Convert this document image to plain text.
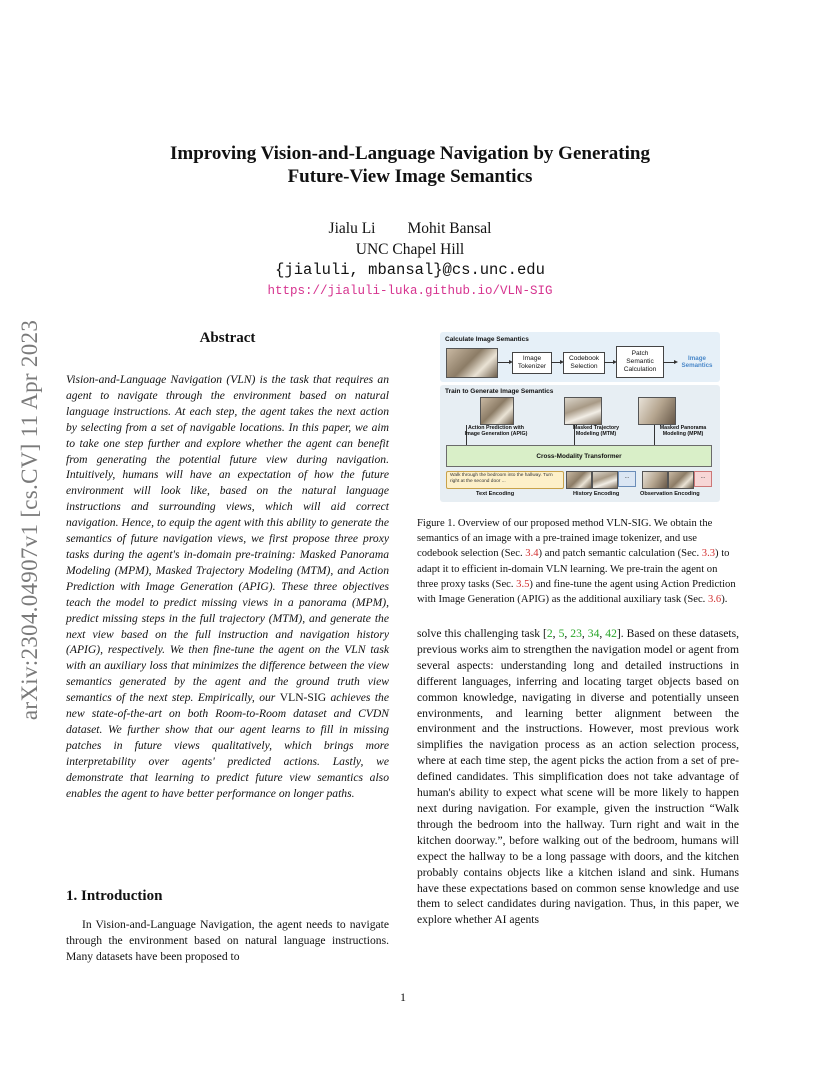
arXiv:2304.04907v1 [cs.CV] 11 Apr 2023
Improving Vision-and-Language Navigation by Generating
Future-View Image Semantics
Jialu Li Mohit Bansal
UNC Chapel Hill
{jialuli, mbansal}@cs.unc.edu
https://jialuli-luka.github.io/VLN-SIG
Abstract
Vision-and-Language Navigation (VLN) is the task that requires an agent to navigate through the environment based on natural language instructions. At each step, the agent takes the next action by selecting from a set of navigable locations. In this paper, we aim to take one step further and explore whether the agent can benefit from generating the potential future view during navigation. Intuitively, humans will have an expectation of how the future environment will look like, based on the natural language instructions and surrounding views, which will aid correct navigation. Hence, to equip the agent with this ability to generate the semantics of future navigation views, we first propose three proxy tasks during the agent's in-domain pre-training: Masked Panorama Modeling (MPM), Masked Trajectory Modeling (MTM), and Action Prediction with Image Generation (APIG). These three objectives teach the model to predict missing views in a panorama (MPM), predict missing steps in the full trajectory (MTM), and generate the next view based on the full instruction and navigation history (APIG), respectively. We then fine-tune the agent on the VLN task with an auxiliary loss that minimizes the difference between the view semantics generated by the agent and the ground truth view semantics of the next step. Empirically, our VLN-SIG achieves the new state-of-the-art on both Room-to-Room dataset and CVDN dataset. We further show that our agent learns to fill in missing patches in future views qualitatively, which brings more interpretability over agents' predicted actions. Lastly, we demonstrate that learning to predict future view semantics also enables the agent to have better performance on longer paths.
1. Introduction
In Vision-and-Language Navigation, the agent needs to navigate through the environment based on natural language instructions. Many datasets have been proposed to
Calculate Image Semantics
Image Tokenizer
Codebook Selection
Patch Semantic Calculation
Image Semantics
Train to Generate Image Semantics
Action Prediction with Image Generation (APIG)
Masked Trajectory Modeling (MTM)
Masked Panorama Modeling (MPM)
Cross-Modality Transformer
Walk through the bedroom into the hallway. Turn right at the second door ...
...	...
Text Encoding	History Encoding	Observation Encoding
Figure 1. Overview of our proposed method VLN-SIG. We obtain the semantics of an image with a pre-trained image tokenizer, and use codebook selection (Sec. 3.4) and patch semantic calculation (Sec. 3.3) to adapt it to efficient in-domain VLN learning. We pre-train the agent on three proxy tasks (Sec. 3.5) and fine-tune the agent using Action Prediction with Image Generation (APIG) as the additional auxiliary task (Sec. 3.6).
solve this challenging task [2, 5, 23, 34, 42]. Based on these datasets, previous works aim to strengthen the navigation model or agent from several aspects: understanding long and detailed instructions in different languages, inferring and locating target objects based on common knowledge, navigating in diverse and potentially unseen environments, and learning better alignment between the environment and the instructions. However, most previous work simplifies the navigation process as an action selection process, where at each time step, the agent picks the action from a set of pre-defined candidates. This simplification does not take advantage of human's ability to expect what scene will be more likely to happen next during navigation. For example, given the instruction “Walk through the bedroom into the hallway. Turn right and wait in the kitchen doorway.”, before walking out of the bedroom, humans will expect the hallway to be a long passage with doors, and the kitchen probably contains objects like a kitchen island and sink. Humans have these expectations based on common sense knowledge and use them to select candidates during navigation. Thus, in this paper, we explore whether AI agents
1
